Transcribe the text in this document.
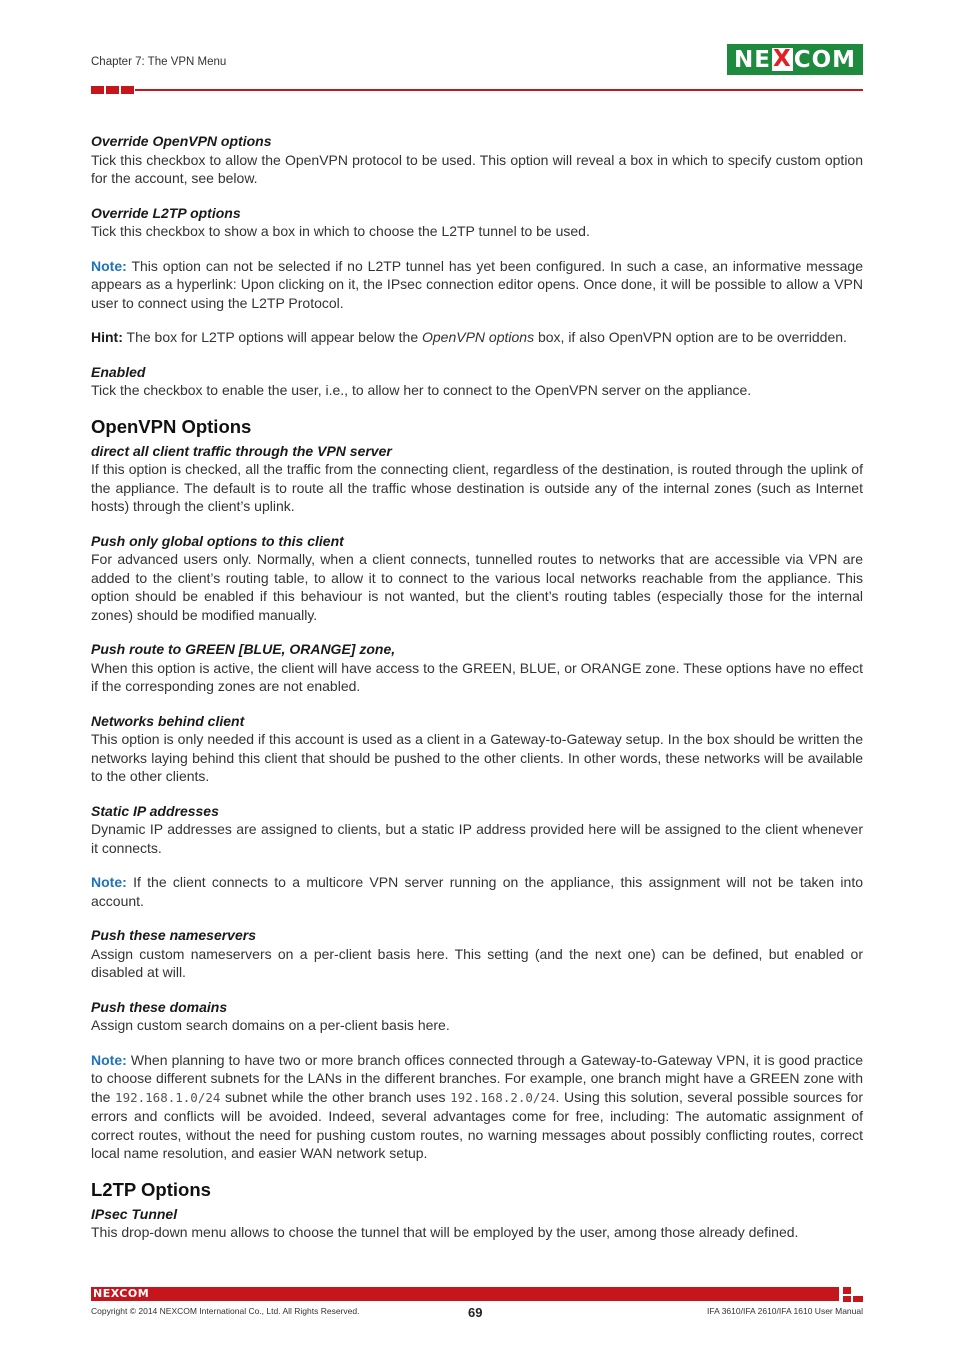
Chapter 7: The VPN Menu	NE X COM
Override OpenVPN options

Tick this checkbox to allow the OpenVPN protocol to be used. This option will reveal a box in which to specify custom option for the account, see below.

Override L2TP options

Tick this checkbox to show a box in which to choose the L2TP tunnel to be used.

Note: This option can not be selected if no L2TP tunnel has yet been configured. In such a case, an informative message appears as a hyperlink: Upon clicking on it, the IPsec connection editor opens. Once done, it will be possible to allow a VPN user to connect using the L2TP Protocol.

Hint: The box for L2TP options will appear below the OpenVPN options box, if also OpenVPN option are to be overridden.

Enabled

Tick the checkbox to enable the user, i.e., to allow her to connect to the OpenVPN server on the appliance.

OpenVPN Options
direct all client traffic through the VPN server

If this option is checked, all the traffic from the connecting client, regardless of the destination, is routed through the uplink of the appliance. The default is to route all the traffic whose destination is outside any of the internal zones (such as Internet hosts) through the client’s uplink.

Push only global options to this client

For advanced users only. Normally, when a client connects, tunnelled routes to networks that are accessible via VPN are added to the client’s routing table, to allow it to connect to the various local networks reachable from the appliance. This option should be enabled if this behaviour is not wanted, but the client’s routing tables (especially those for the internal zones) should be modified manually.

Push route to GREEN [BLUE, ORANGE] zone,

When this option is active, the client will have access to the GREEN, BLUE, or ORANGE zone. These options have no effect if the corresponding zones are not enabled.

Networks behind client

This option is only needed if this account is used as a client in a Gateway-to-Gateway setup. In the box should be written the networks laying behind this client that should be pushed to the other clients. In other words, these networks will be available to the other clients.

Static IP addresses

Dynamic IP addresses are assigned to clients, but a static IP address provided here will be assigned to the client whenever it connects.

Note: If the client connects to a multicore VPN server running on the appliance, this assignment will not be taken into account.

Push these nameservers

Assign custom nameservers on a per-client basis here. This setting (and the next one) can be defined, but enabled or disabled at will.

Push these domains

Assign custom search domains on a per-client basis here.

Note: When planning to have two or more branch offices connected through a Gateway-to-Gateway VPN, it is good practice to choose different subnets for the LANs in the different branches. For example, one branch might have a GREEN zone with the 192.168.1.0/24 subnet while the other branch uses 192.168.2.0/24. Using this solution, several possible sources for errors and conflicts will be avoided. Indeed, several advantages come for free, including: The automatic assignment of correct routes, without the need for pushing custom routes, no warning messages about possibly conflicting routes, correct local name resolution, and easier WAN network setup.

L2TP Options
IPsec Tunnel

This drop-down menu allows to choose the tunnel that will be employed by the user, among those already defined.

NEXCOM
Copyright © 2014 NEXCOM International Co., Ltd. All Rights Reserved.	69	IFA 3610/IFA 2610/IFA 1610 User Manual
